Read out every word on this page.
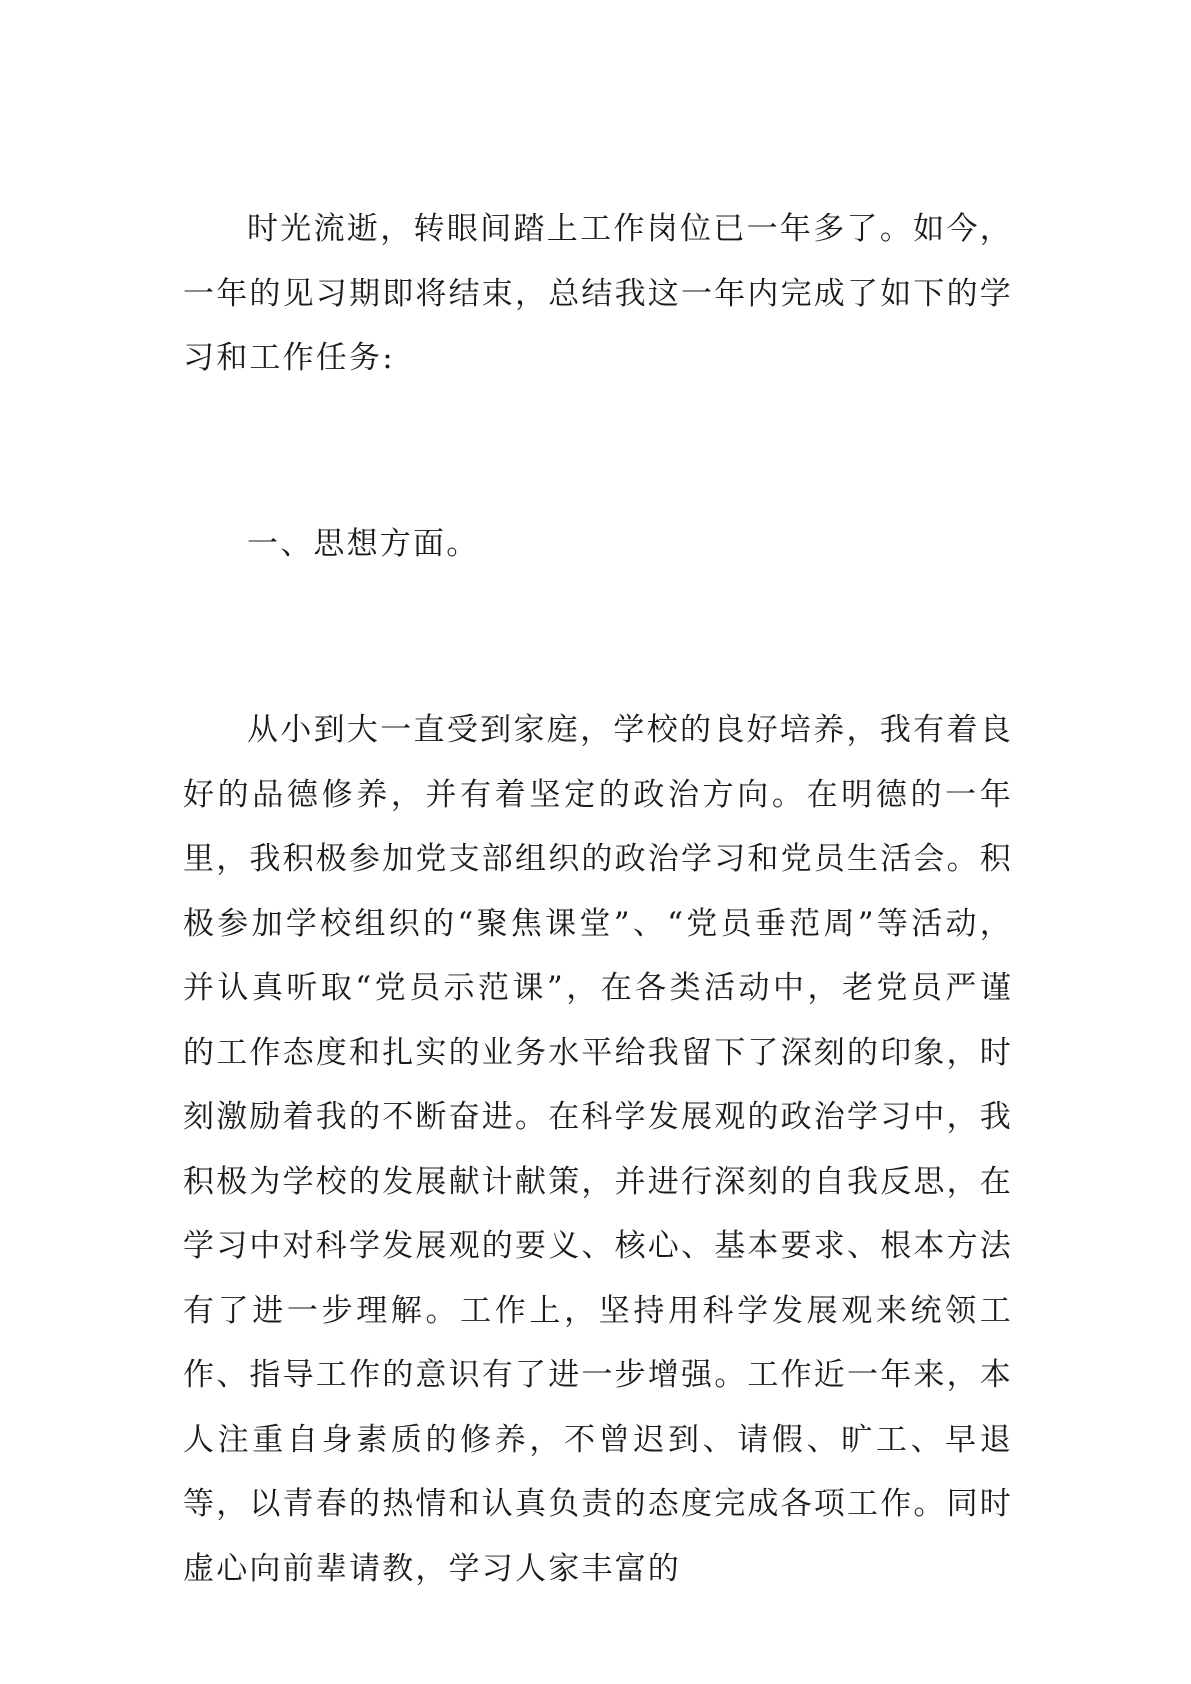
时光流逝，转眼间踏上工作岗位已一年多了。如今，一年的见习期即将结束，总结我这一年内完成了如下的学习和工作任务:

一、思想方面。

从小到大一直受到家庭，学校的良好培养，我有着良好的品德修养，并有着坚定的政治方向。在明德的一年里，我积极参加党支部组织的政治学习和党员生活会。积极参加学校组织的“聚焦课堂”、“党员垂范周”等活动，并认真听取“党员示范课”，在各类活动中，老党员严谨的工作态度和扎实的业务水平给我留下了深刻的印象，时刻激励着我的不断奋进。在科学发展观的政治学习中，我积极为学校的发展献计献策，并进行深刻的自我反思，在学习中对科学发展观的要义、核心、基本要求、根本方法有了进一步理解。工作上，坚持用科学发展观来统领工作、指导工作的意识有了进一步增强。工作近一年来，本人注重自身素质的修养，不曾迟到、请假、旷工、早退等，以青春的热情和认真负责的态度完成各项工作。同时虚心向前辈请教，学习人家丰富的
